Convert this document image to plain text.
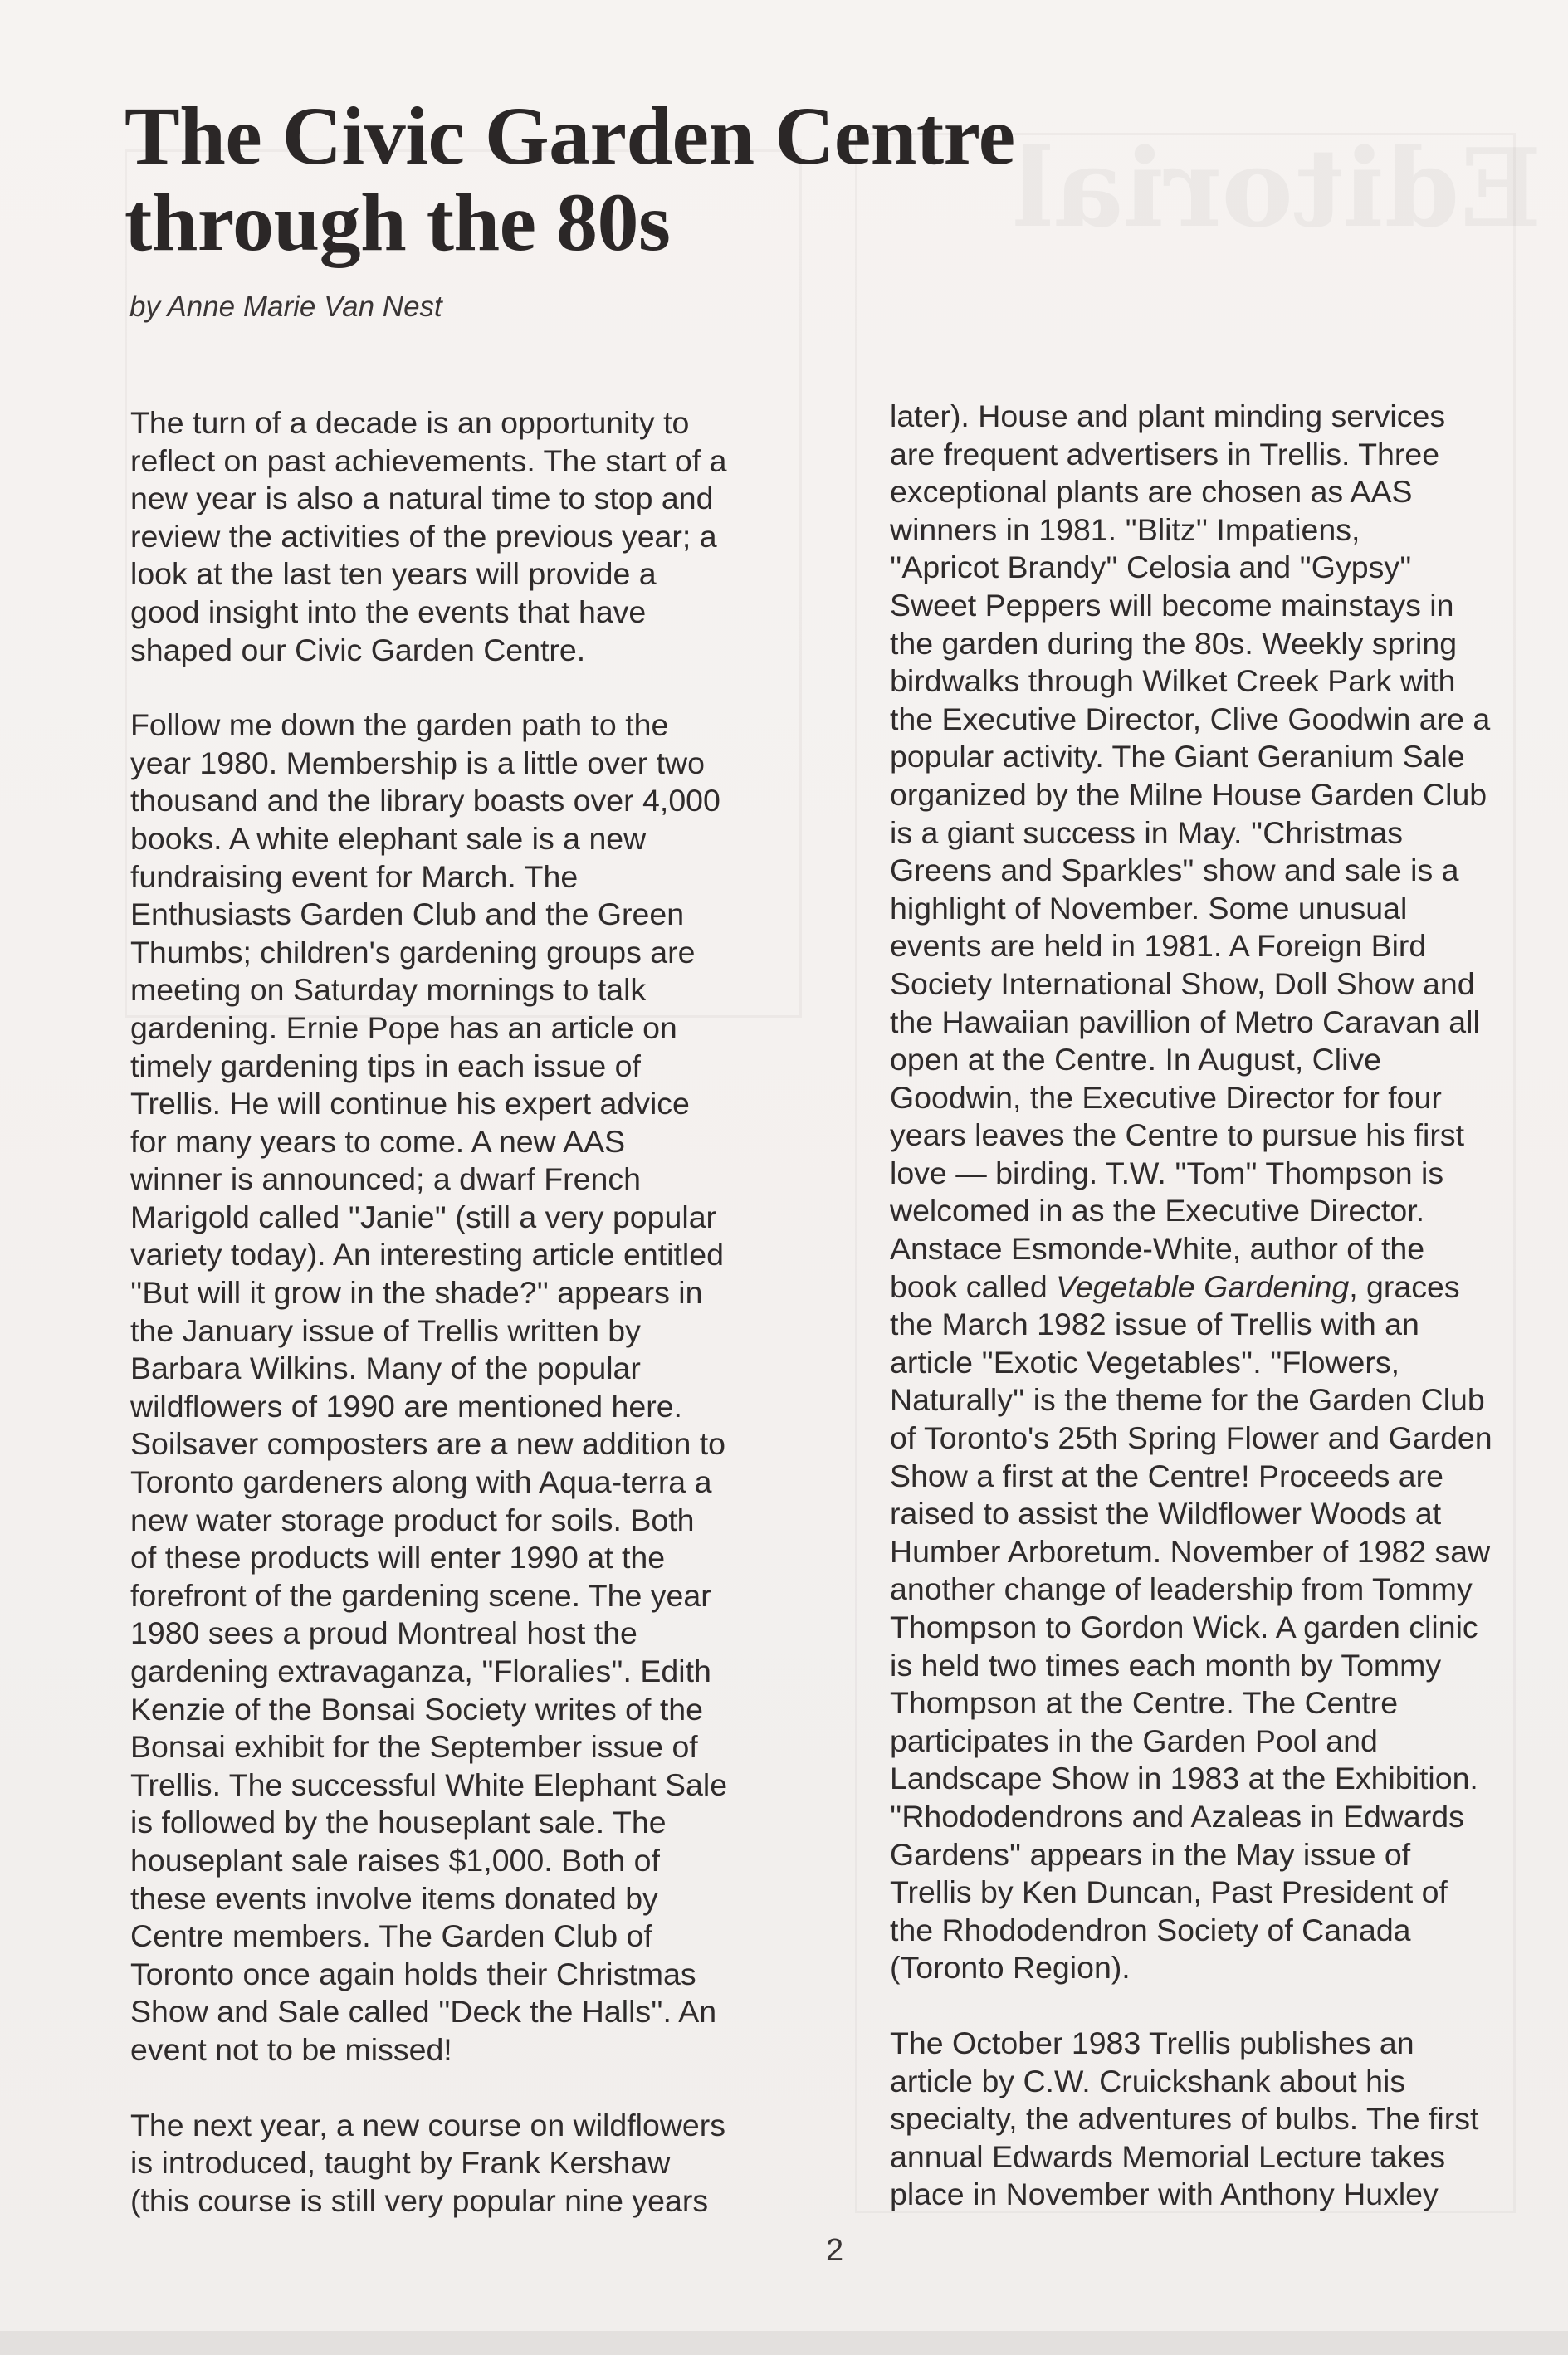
Editorial
The Civic Garden Centre
through the 80s
by Anne Marie Van Nest

The turn of a decade is an opportunity to
reflect on past achievements. The start of a
new year is also a natural time to stop and
review the activities of the previous year; a
look at the last ten years will provide a
good insight into the events that have
shaped our Civic Garden Centre.

Follow me down the garden path to the
year 1980. Membership is a little over two
thousand and the library boasts over 4,000
books. A white elephant sale is a new
fundraising event for March. The
Enthusiasts Garden Club and the Green
Thumbs; children's gardening groups are
meeting on Saturday mornings to talk
gardening. Ernie Pope has an article on
timely gardening tips in each issue of
Trellis. He will continue his expert advice
for many years to come. A new AAS
winner is announced; a dwarf French
Marigold called ''Janie'' (still a very popular
variety today). An interesting article entitled
''But will it grow in the shade?'' appears in
the January issue of Trellis written by
Barbara Wilkins. Many of the popular
wildflowers of 1990 are mentioned here.
Soilsaver composters are a new addition to
Toronto gardeners along with Aqua-terra a
new water storage product for soils. Both
of these products will enter 1990 at the
forefront of the gardening scene. The year
1980 sees a proud Montreal host the
gardening extravaganza, ''Floralies''. Edith
Kenzie of the Bonsai Society writes of the
Bonsai exhibit for the September issue of
Trellis. The successful White Elephant Sale
is followed by the houseplant sale. The
houseplant sale raises $1,000. Both of
these events involve items donated by
Centre members. The Garden Club of
Toronto once again holds their Christmas
Show and Sale called ''Deck the Halls''. An
event not to be missed!

The next year, a new course on wildflowers
is introduced, taught by Frank Kershaw
(this course is still very popular nine years

later). House and plant minding services
are frequent advertisers in Trellis. Three
exceptional plants are chosen as AAS
winners in 1981. ''Blitz'' Impatiens,
''Apricot Brandy'' Celosia and ''Gypsy''
Sweet Peppers will become mainstays in
the garden during the 80s. Weekly spring
birdwalks through Wilket Creek Park with
the Executive Director, Clive Goodwin are a
popular activity. The Giant Geranium Sale
organized by the Milne House Garden Club
is a giant success in May. ''Christmas
Greens and Sparkles'' show and sale is a
highlight of November. Some unusual
events are held in 1981. A Foreign Bird
Society International Show, Doll Show and
the Hawaiian pavillion of Metro Caravan all
open at the Centre. In August, Clive
Goodwin, the Executive Director for four
years leaves the Centre to pursue his first
love — birding. T.W. ''Tom'' Thompson is
welcomed in as the Executive Director.
Anstace Esmonde-White, author of the
book called Vegetable Gardening, graces
the March 1982 issue of Trellis with an
article ''Exotic Vegetables''. ''Flowers,
Naturally'' is the theme for the Garden Club
of Toronto's 25th Spring Flower and Garden
Show a first at the Centre! Proceeds are
raised to assist the Wildflower Woods at
Humber Arboretum. November of 1982 saw
another change of leadership from Tommy
Thompson to Gordon Wick. A garden clinic
is held two times each month by Tommy
Thompson at the Centre. The Centre
participates in the Garden Pool and
Landscape Show in 1983 at the Exhibition.
''Rhododendrons and Azaleas in Edwards
Gardens'' appears in the May issue of
Trellis by Ken Duncan, Past President of
the Rhododendron Society of Canada
(Toronto Region).

The October 1983 Trellis publishes an
article by C.W. Cruickshank about his
specialty, the adventures of bulbs. The first
annual Edwards Memorial Lecture takes
place in November with Anthony Huxley

2
